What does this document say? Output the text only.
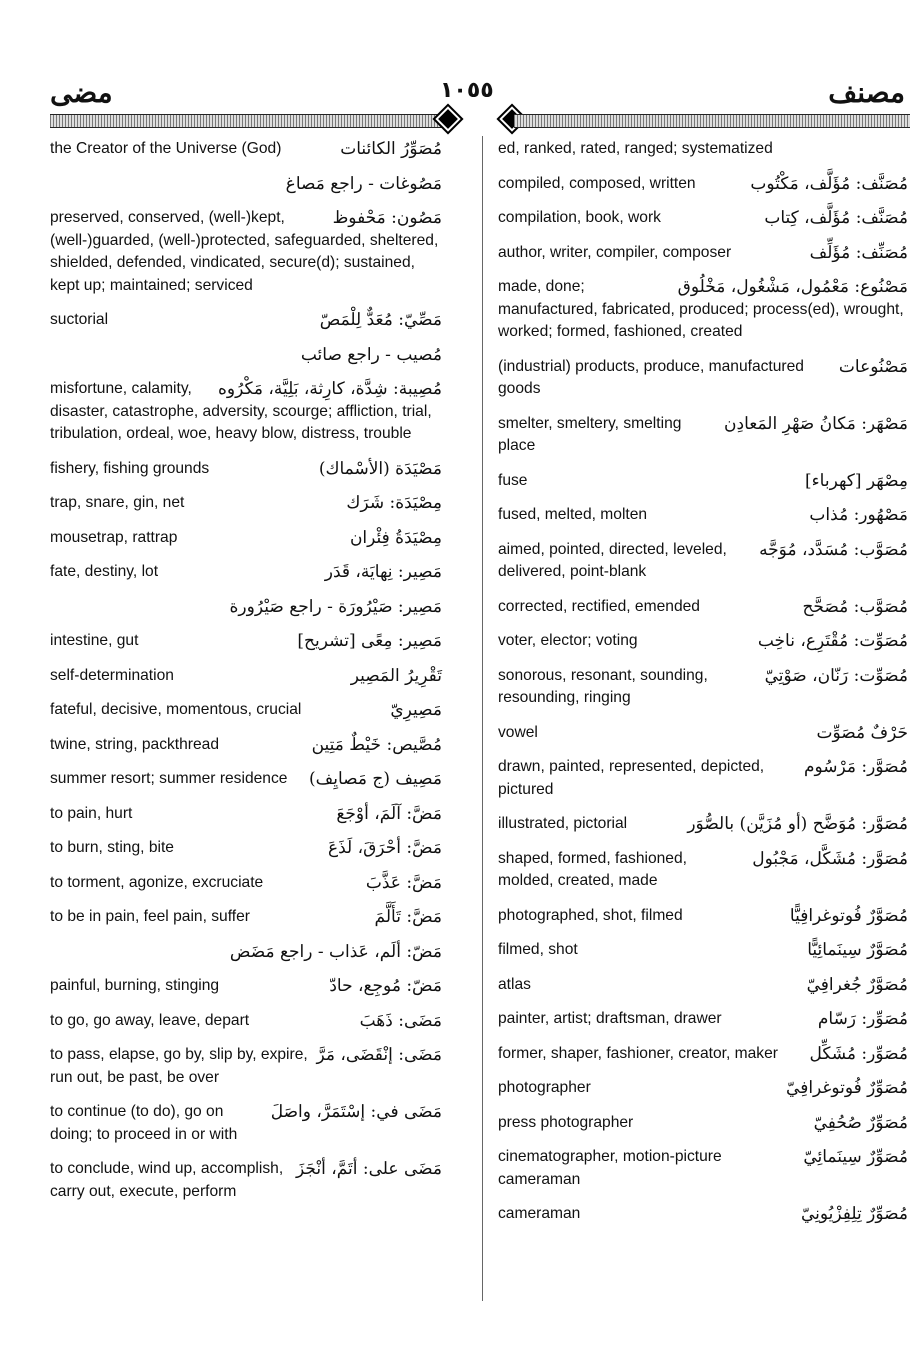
مضى	١٠٥٥	مصنف
مُصَوِّرُ الكائنات
the Creator of the Universe (God)
مَصُوغات - راجع مَصاغ
مَصُون: مَحْفوظ
preserved, conserved, (well-)kept, (well-)guarded, (well-)protected, safeguarded, sheltered, shielded, defended, vindicated, secure(d); sustained, kept up; maintained; serviced
مَصِّيّ: مُعَدٌّ لِلْمَصّ
suctorial
مُصيب - راجع صائب
مُصِيبة: شِدَّة، كارِثة، بَلِيَّة، مَكْرُوه
misfortune, calamity, disaster, catastrophe, adversity, scourge; affliction, trial, tribulation, ordeal, woe, heavy blow, distress, trouble
مَصْيَدَة (الأسْماك)
fishery, fishing grounds
مِصْيَدَة: شَرَك
trap, snare, gin, net
مِصْيَدَةُ فِئْران
mousetrap, rattrap
مَصِير: نِهايَة، قَدَر
fate, destiny, lot
مَصِير: صَيْرُورَة - راجع صَيْرُورة
مَصِير: مِعًى [تشريح]
intestine, gut
تَقْرِيرُ المَصِير
self-determination
مَصِيرِيّ
fateful, decisive, momentous, crucial
مُصَّيص: خَيْطٌ مَتِين
twine, string, packthread
مَصِيف (ج مَصايِف)
summer resort; summer residence
مَضَّ: آلَمَ، أوْجَعَ
to pain, hurt
مَضَّ: أحْرَقَ، لَذَعَ
to burn, sting, bite
مَضَّ: عَذَّبَ
to torment, agonize, excruciate
مَضَّ: تَأَلَّمَ
to be in pain, feel pain, suffer
مَضّ: ألَم، عَذاب - راجع مَضَض
مَضّ: مُوجِع، حادّ
painful, burning, stinging
مَضَى: ذَهَبَ
to go, go away, leave, depart
مَضَى: إنْقَضَى، مَرَّ
to pass, elapse, go by, slip by, expire, run out, be past, be over
مَضَى في: إسْتَمَرَّ، واصَلَ
to continue (to do), go on doing; to proceed in or with
مَضَى على: أتَمَّ، أنْجَزَ
to conclude, wind up, accomplish, carry out, execute, perform
ed, ranked, rated, ranged; systematized
مُصَنَّف: مُؤَلَّف، مَكْتُوب
compiled, composed, written
مُصَنَّف: مُؤَلَّف، كِتاب
compilation, book, work
مُصَنِّف: مُؤَلِّف
author, writer, compiler, composer
مَصْنُوع: مَعْمُول، مَشْغُول، مَخْلُوق
made, done; manufactured, fabricated, produced; process(ed), wrought, worked; formed, fashioned, created
مَصْنُوعات
(industrial) products, produce, manufactured goods
مَصْهَر: مَكانُ صَهْرِ المَعادِن
smelter, smeltery, smelting place
مِصْهَر [كهرباء]
fuse
مَصْهُور: مُذاب
fused, melted, molten
مُصَوَّب: مُسَدَّد، مُوَجَّه
aimed, pointed, directed, leveled, delivered, point-blank
مُصَوَّب: مُصَحَّح
corrected, rectified, emended
مُصَوِّت: مُقْتَرِع، ناخِب
voter, elector; voting
مُصَوِّت: رَنّان، صَوْتِيّ
sonorous, resonant, sounding, resounding, ringing
حَرْفٌ مُصَوِّت
vowel
مُصَوَّر: مَرْسُوم
drawn, painted, represented, depicted, pictured
مُصَوَّر: مُوَضَّح (أو مُزَيَّن) بالصُّوَر
illustrated, pictorial
مُصَوَّر: مُشَكَّل، مَجْبُول
shaped, formed, fashioned, molded, created, made
مُصَوَّرٌ فُوتوغرافِيًّا
photographed, shot, filmed
مُصَوَّرٌ سِينَمائِيًّا
filmed, shot
مُصَوَّرٌ جُغرافِيّ
atlas
مُصَوِّر: رَسّام
painter, artist; draftsman, drawer
مُصَوِّر: مُشَكِّل
former, shaper, fashioner, creator, maker
مُصَوِّرٌ فُوتوغرافِيّ
photographer
مُصَوِّرٌ صُحُفِيّ
press photographer
مُصَوِّرٌ سِينَمائِيّ
cinematographer, motion-picture cameraman
مُصَوِّرٌ تِلِفِزْيُونِيّ
cameraman
